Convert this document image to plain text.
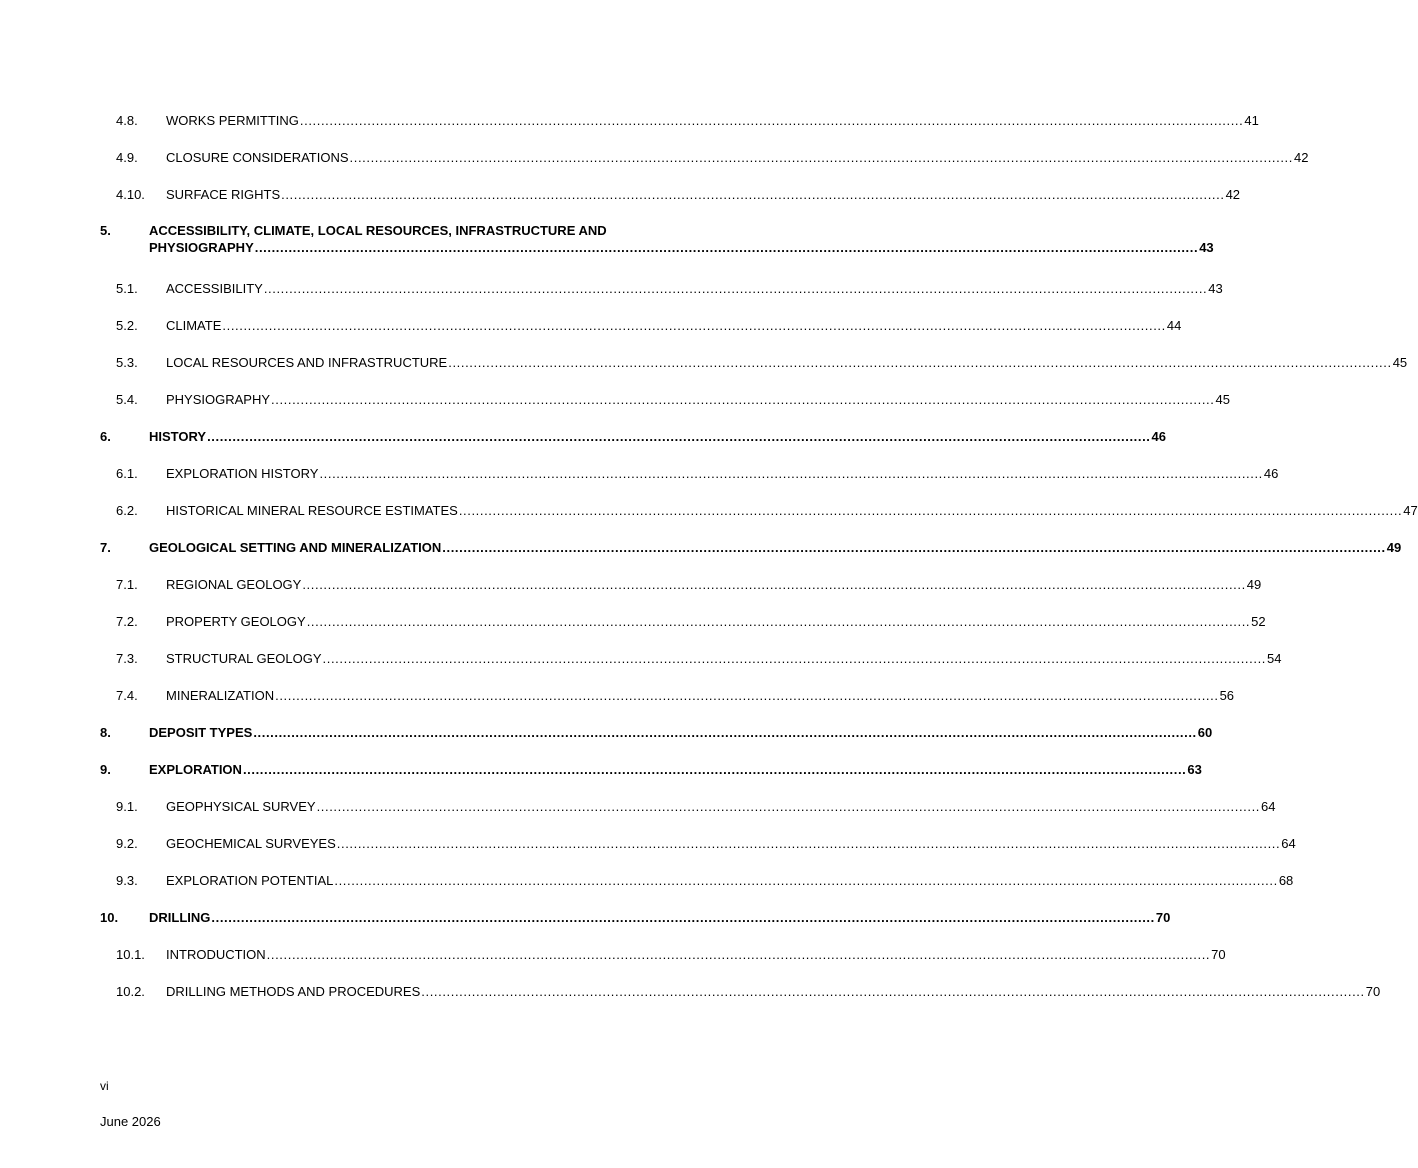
4.8.	WORKS PERMITTING .....	41
4.9.	CLOSURE CONSIDERATIONS .....	42
4.10.	SURFACE RIGHTS .....	42
5.	ACCESSIBILITY, CLIMATE, LOCAL RESOURCES, INFRASTRUCTURE AND
PHYSIOGRAPHY .....	43
5.1.	ACCESSIBILITY .....	43
5.2.	CLIMATE .....	44
5.3.	LOCAL RESOURCES AND INFRASTRUCTURE .....	45
5.4.	PHYSIOGRAPHY .....	45
6.	HISTORY .....	46
6.1.	EXPLORATION HISTORY .....	46
6.2.	HISTORICAL MINERAL RESOURCE ESTIMATES .....	47
7.	GEOLOGICAL SETTING AND MINERALIZATION .....	49
7.1.	REGIONAL GEOLOGY .....	49
7.2.	PROPERTY GEOLOGY .....	52
7.3.	STRUCTURAL GEOLOGY .....	54
7.4.	MINERALIZATION .....	56
8.	DEPOSIT TYPES .....	60
9.	EXPLORATION .....	63
9.1.	GEOPHYSICAL SURVEY .....	64
9.2.	GEOCHEMICAL SURVEYES .....	64
9.3.	EXPLORATION POTENTIAL .....	68
10.	DRILLING .....	70
10.1.	INTRODUCTION .....	70
10.2.	DRILLING METHODS AND PROCEDURES .....	70
vi
June 2026
